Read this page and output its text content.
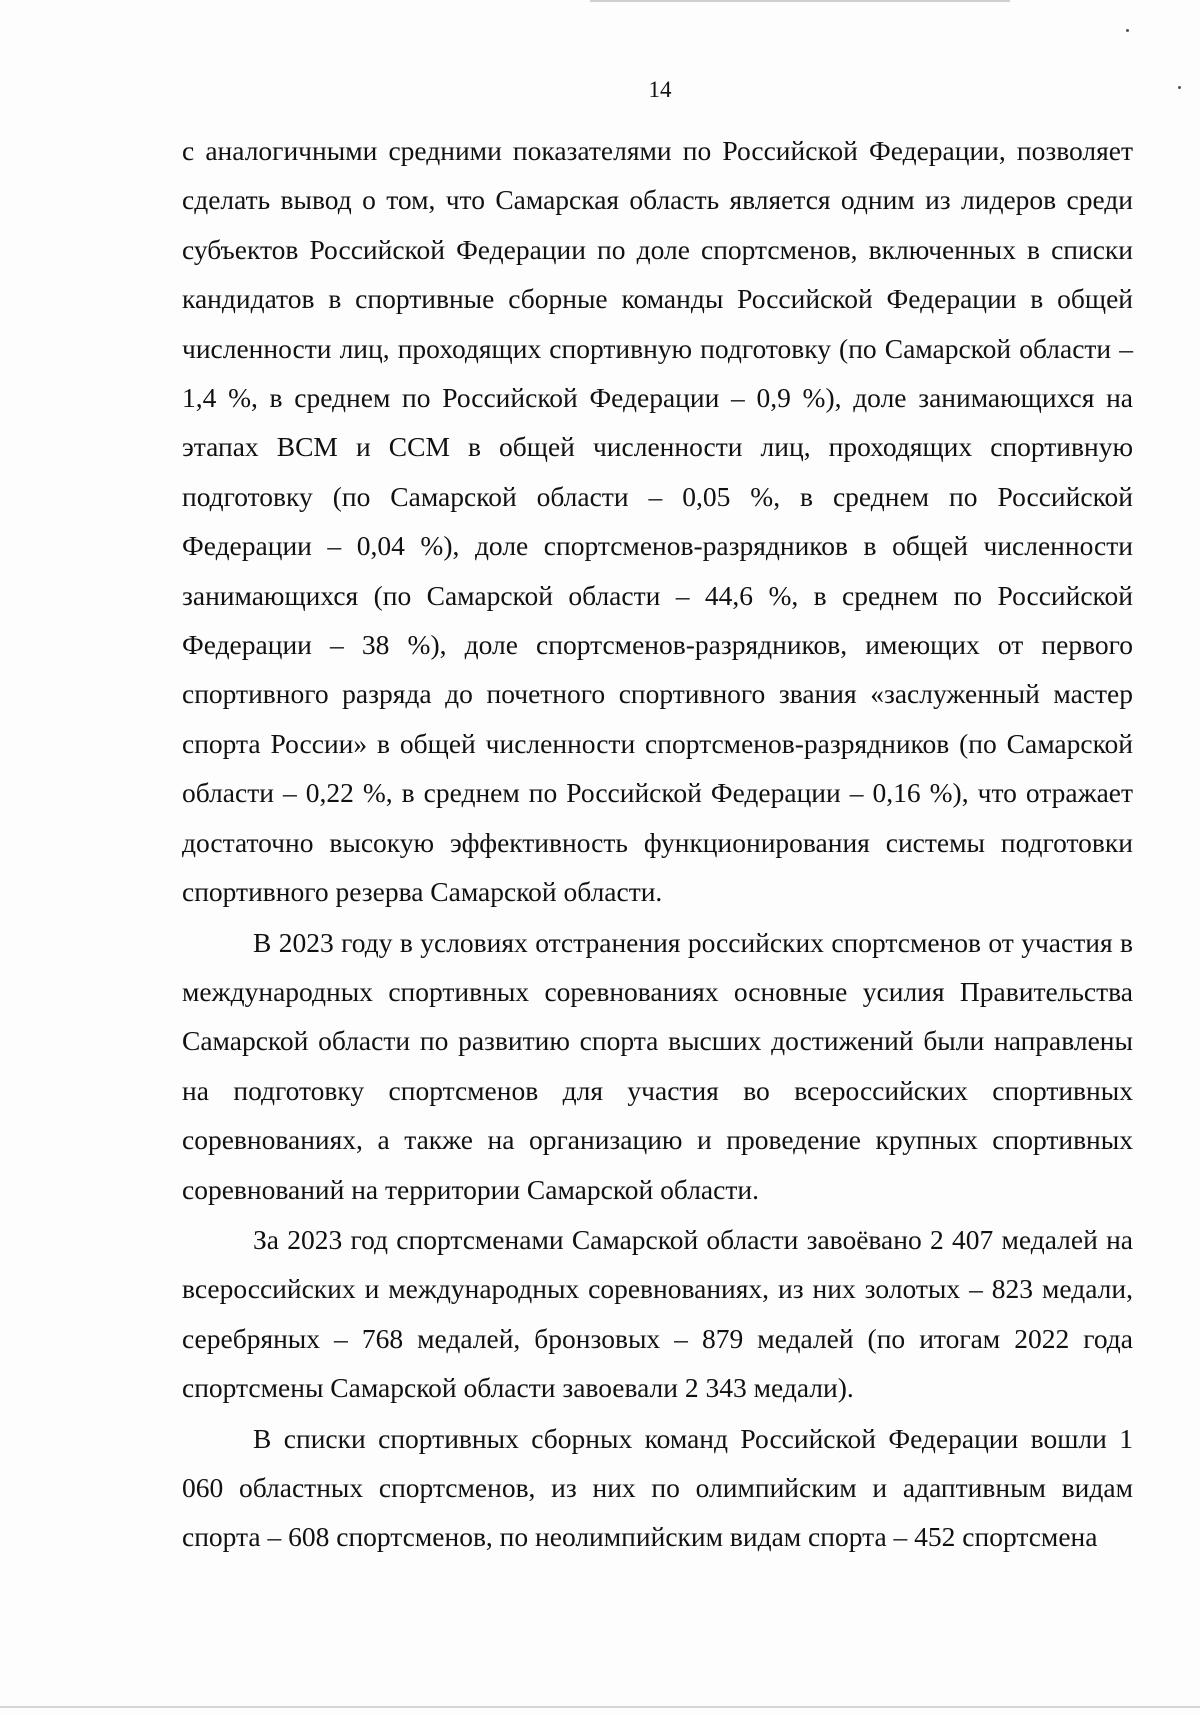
14

с аналогичными средними показателями по Российской Федерации, позволяет сделать вывод о том, что Самарская область является одним из лидеров среди субъектов Российской Федерации по доле спортсменов, включенных в списки кандидатов в спортивные сборные команды Российской Федерации в общей численности лиц, проходящих спортивную подготовку (по Самарской области – 1,4 %, в среднем по Российской Федерации – 0,9 %), доле занимающихся на этапах ВСМ и ССМ в общей численности лиц, проходящих спортивную подготовку (по Самарской области – 0,05 %, в среднем по Российской Федерации – 0,04 %), доле спортсменов-разрядников в общей численности занимающихся (по Самарской области – 44,6 %, в среднем по Российской Федерации – 38 %), доле спортсменов-разрядников, имеющих от первого спортивного разряда до почетного спортивного звания «заслуженный мастер спорта России» в общей численности спортсменов-разрядников (по Самарской области – 0,22 %, в среднем по Российской Федерации – 0,16 %), что отражает достаточно высокую эффективность функционирования системы подготовки спортивного резерва Самарской области.

В 2023 году в условиях отстранения российских спортсменов от участия в международных спортивных соревнованиях основные усилия Правительства Самарской области по развитию спорта высших достижений были направлены на подготовку спортсменов для участия во всероссийских спортивных соревнованиях, а также на организацию и проведение крупных спортивных соревнований на территории Самарской области.

За 2023 год спортсменами Самарской области завоёвано 2 407 медалей на всероссийских и международных соревнованиях, из них золотых – 823 медали, серебряных – 768 медалей, бронзовых – 879 медалей (по итогам 2022 года спортсмены Самарской области завоевали 2 343 медали).

В списки спортивных сборных команд Российской Федерации вошли 1 060 областных спортсменов, из них по олимпийским и адаптивным видам спорта – 608 спортсменов, по неолимпийским видам спорта – 452 спортсмена
